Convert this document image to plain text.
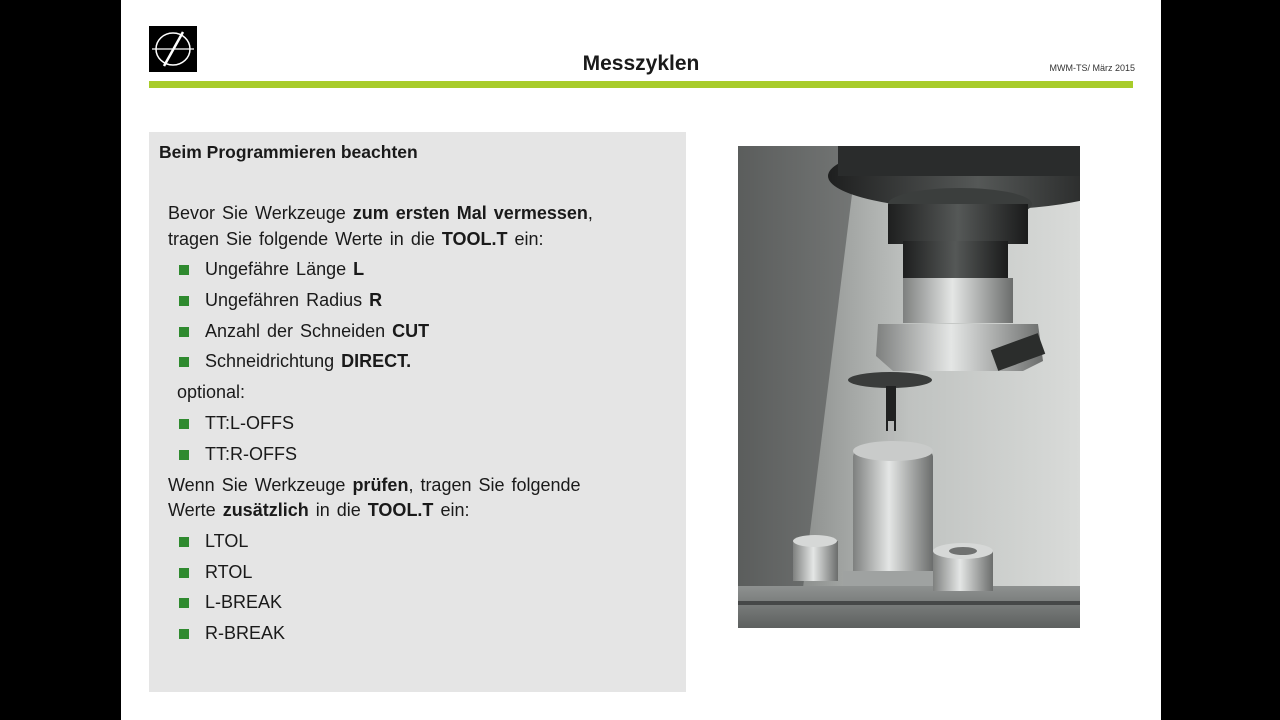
Messzyklen	MWM-TS/ März 2015
Beim Programmieren beachten
Bevor Sie Werkzeuge zum ersten Mal vermessen,
tragen Sie folgende Werte in die TOOL.T ein:
Ungefähre Länge L
Ungefähren Radius R
Anzahl der Schneiden CUT
Schneidrichtung DIRECT.
optional:
TT:L-OFFS
TT:R-OFFS
Wenn Sie Werkzeuge prüfen, tragen Sie folgende
Werte zusätzlich in die TOOL.T ein:
LTOL
RTOL
L-BREAK
R-BREAK
